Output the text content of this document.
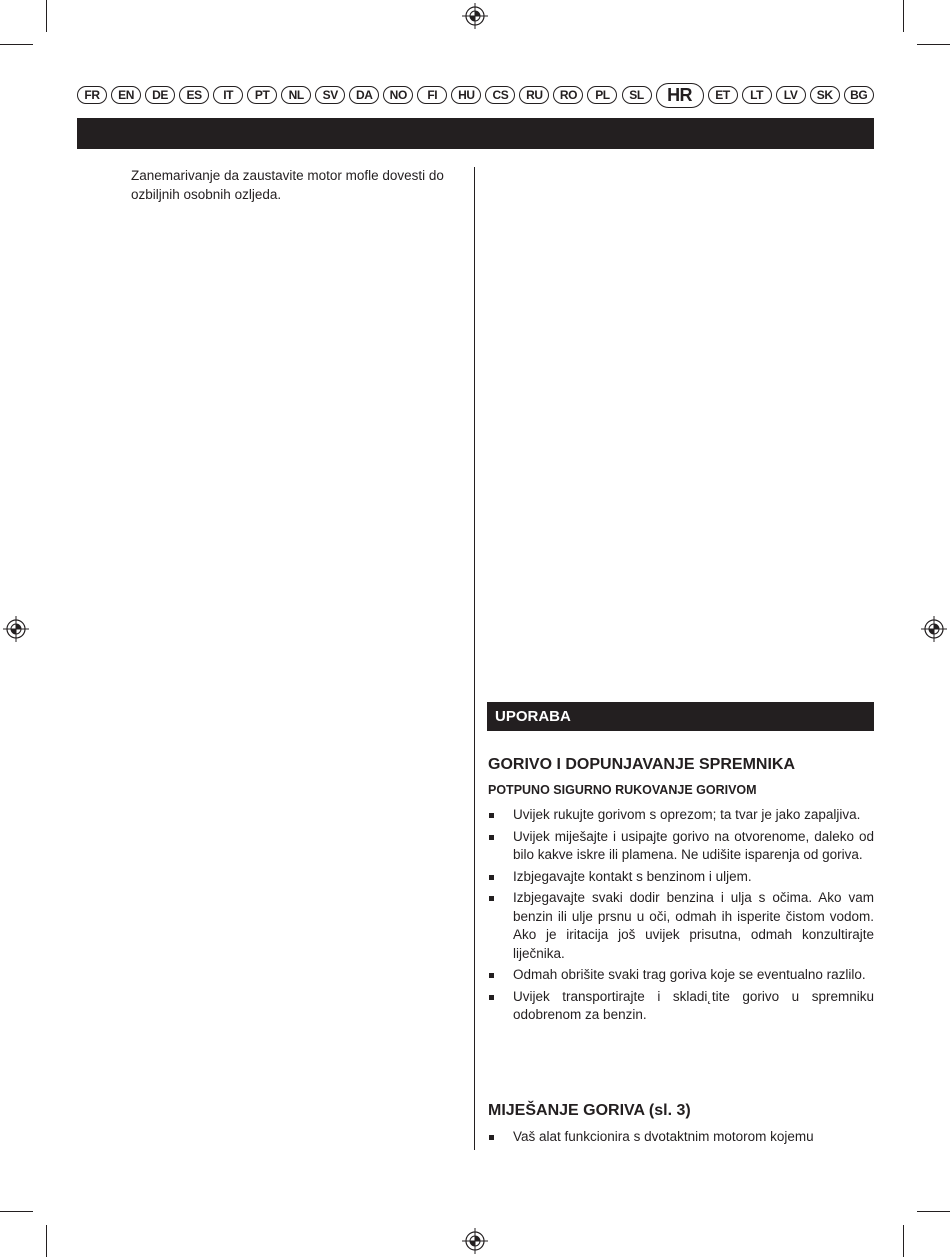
FR	EN	DE	ES	IT	PT	NL	SV	DA	NO	FI	HU	CS	RU	RO	PL	SL	HR	ET	LT	LV	SK	BG
Zanemarivanje da zaustavite motor mofle dovesti do ozbiljnih osobnih ozljeda.
UPORABA
GORIVO I DOPUNJAVANJE SPREMNIKA
POTPUNO SIGURNO RUKOVANJE GORIVOM
Uvijek rukujte gorivom s oprezom; ta tvar je jako zapaljiva.
Uvijek miješajte i usipajte gorivo na otvorenome, daleko od bilo kakve iskre ili plamena. Ne udišite isparenja od goriva.
Izbjegavajte kontakt s benzinom i uljem.
Izbjegavajte svaki dodir benzina i ulja s očima. Ako vam benzin ili ulje prsnu u oči, odmah ih isperite čistom vodom. Ako je iritacija još uvijek prisutna, odmah konzultirajte liječnika.
Odmah obrišite svaki trag goriva koje se eventualno razlilo.
Uvijek transportirajte i skladi˛tite gorivo u spremniku odobrenom za benzin.
MIJEŠANJE GORIVA (sl. 3)
Vaš alat funkcionira s dvotaktnim motorom kojemu
